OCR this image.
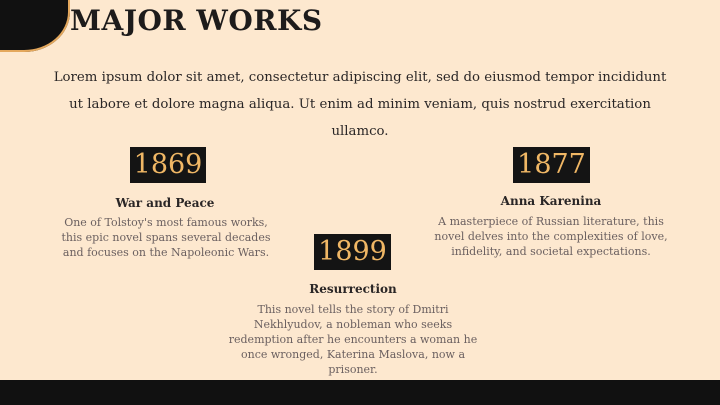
MAJOR WORKS
Lorem ipsum dolor sit amet, consectetur adipiscing elit, sed do eiusmod tempor incididunt ut labore et dolore magna aliqua. Ut enim ad minim veniam, quis nostrud exercitation ullamco.
1869
War and Peace
One of Tolstoy's most famous works, this epic novel spans several decades and focuses on the Napoleonic Wars.
1877
Anna Karenina
A masterpiece of Russian literature, this novel delves into the complexities of love, infidelity, and societal expectations.
1899
Resurrection
This novel tells the story of Dmitri Nekhlyudov, a nobleman who seeks redemption after he encounters a woman he once wronged, Katerina Maslova, now a prisoner.
